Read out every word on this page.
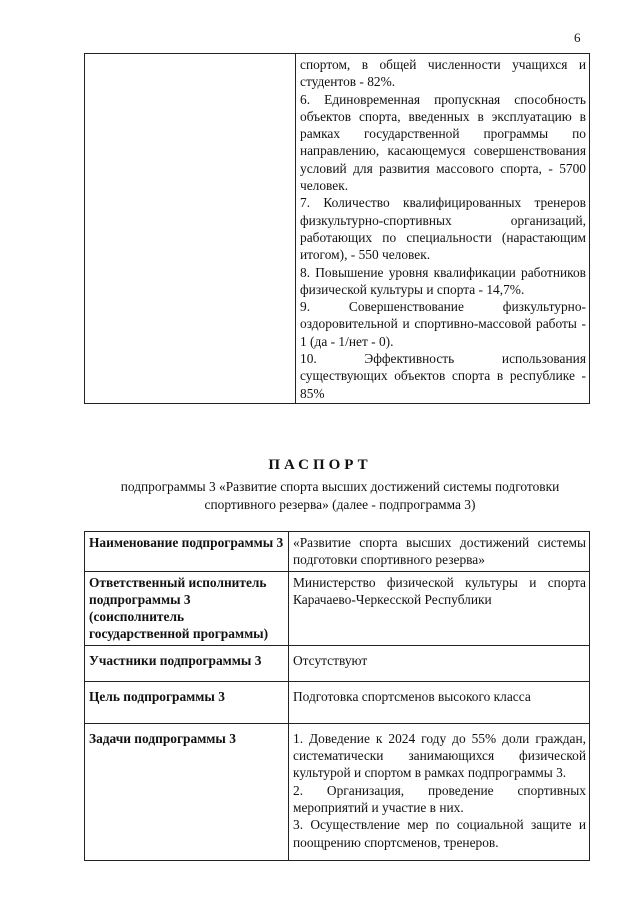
6

спортом, в общей численности учащихся и студентов - 82%.
6. Единовременная пропускная способность объектов спорта, введенных в эксплуатацию в рамках государственной программы по направлению, касающемуся совершенствования условий для развития массового спорта, - 5700 человек.
7. Количество квалифицированных тренеров физкультурно-спортивных организаций, работающих по специальности (нарастающим итогом), - 550 человек.
8. Повышение уровня квалификации работников физической культуры и спорта - 14,7%.
9. Совершенствование физкультурно-оздоровительной и спортивно-массовой работы - 1 (да - 1/нет - 0).
10. Эффективность использования существующих объектов спорта в республике - 85%
ПАСПОРТ
подпрограммы 3 «Развитие спорта высших достижений системы подготовки спортивного резерва» (далее - подпрограмма 3)
Наименование подпрограммы 3	«Развитие спорта высших достижений системы подготовки спортивного резерва»
Ответственный исполнитель подпрограммы 3 (соисполнитель государственной программы)	Министерство физической культуры и спорта Карачаево-Черкесской Республики
Участники подпрограммы 3	Отсутствуют
Цель подпрограммы 3	Подготовка спортсменов высокого класса
Задачи подпрограммы 3	1. Доведение к 2024 году до 55% доли граждан, систематически занимающихся физической культурой и спортом в рамках подпрограммы 3.
2. Организация, проведение спортивных мероприятий и участие в них.
3. Осуществление мер по социальной защите и поощрению спортсменов, тренеров.
